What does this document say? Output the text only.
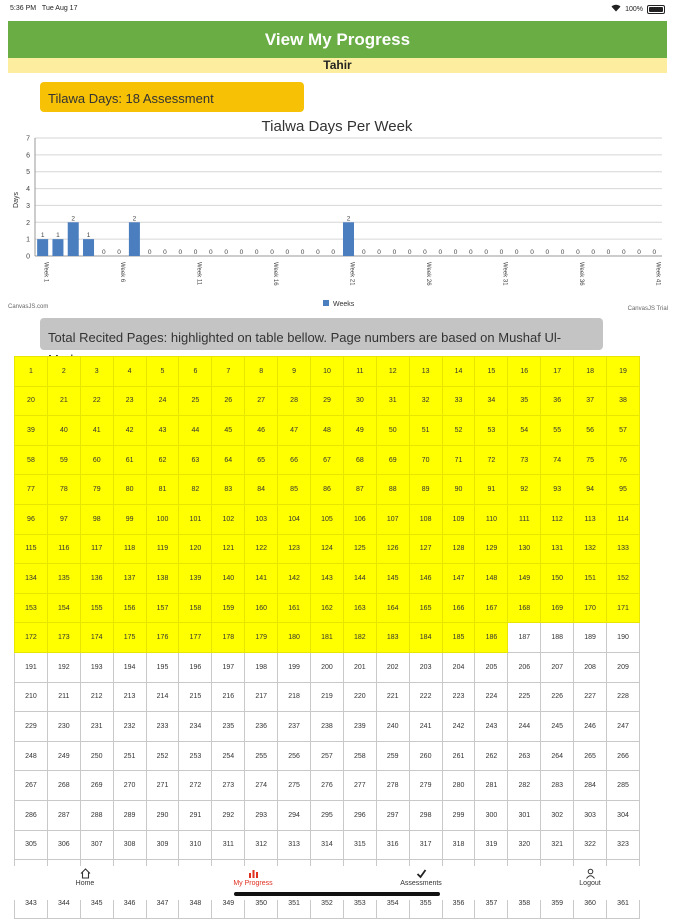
5:36 PM Tue Aug 17	100%
View My Progress
Tahir
Tilawa Days: 18 Assessment
Tialwa Days Per Week
Days
0
1
2
3
4
5
6
7
1 1
2
1
0 0
2
0 0 0 0 0 0 0 0 0 0 0 0 0
2
0 0 0 0 0 0 0 0 0 0 0 0 0 0 0 0 0 0 0 0
Week 1	Week 6	Week 11	Week 16	Week 21	Week 26	Week 31	Week 36	Week 41
Weeks
CanvasJS.com	CanvasJS Trial
Total Recited Pages: highlighted on table bellow. Page numbers are based on Mushaf Ul-
1	2	3	4	5	6	7	8	9	10	11	12	13	14	15	16	17	18	19
20	21	22	23	24	25	26	27	28	29	30	31	32	33	34	35	36	37	38
39	40	41	42	43	44	45	46	47	48	49	50	51	52	53	54	55	56	57
58	59	60	61	62	63	64	65	66	67	68	69	70	71	72	73	74	75	76
77	78	79	80	81	82	83	84	85	86	87	88	89	90	91	92	93	94	95
96	97	98	99	100	101	102	103	104	105	106	107	108	109	110	111	112	113	114
115	116	117	118	119	120	121	122	123	124	125	126	127	128	129	130	131	132	133
134	135	136	137	138	139	140	141	142	143	144	145	146	147	148	149	150	151	152
153	154	155	156	157	158	159	160	161	162	163	164	165	166	167	168	169	170	171
172	173	174	175	176	177	178	179	180	181	182	183	184	185	186	187	188	189	190
191	192	193	194	195	196	197	198	199	200	201	202	203	204	205	206	207	208	209
210	211	212	213	214	215	216	217	218	219	220	221	222	223	224	225	226	227	228
229	230	231	232	233	234	235	236	237	238	239	240	241	242	243	244	245	246	247
248	249	250	251	252	253	254	255	256	257	258	259	260	261	262	263	264	265	266
267	268	269	270	271	272	273	274	275	276	277	278	279	280	281	282	283	284	285
286	287	288	289	290	291	292	293	294	295	296	297	298	299	300	301	302	303	304
305	306	307	308	309	310	311	312	313	314	315	316	317	318	319	320	321	322	323

343	344	345	346	347	348	349	350	351	352	353	354	355	356	357	358	359	360	361
Home	My Progress	Assessments	Logout
